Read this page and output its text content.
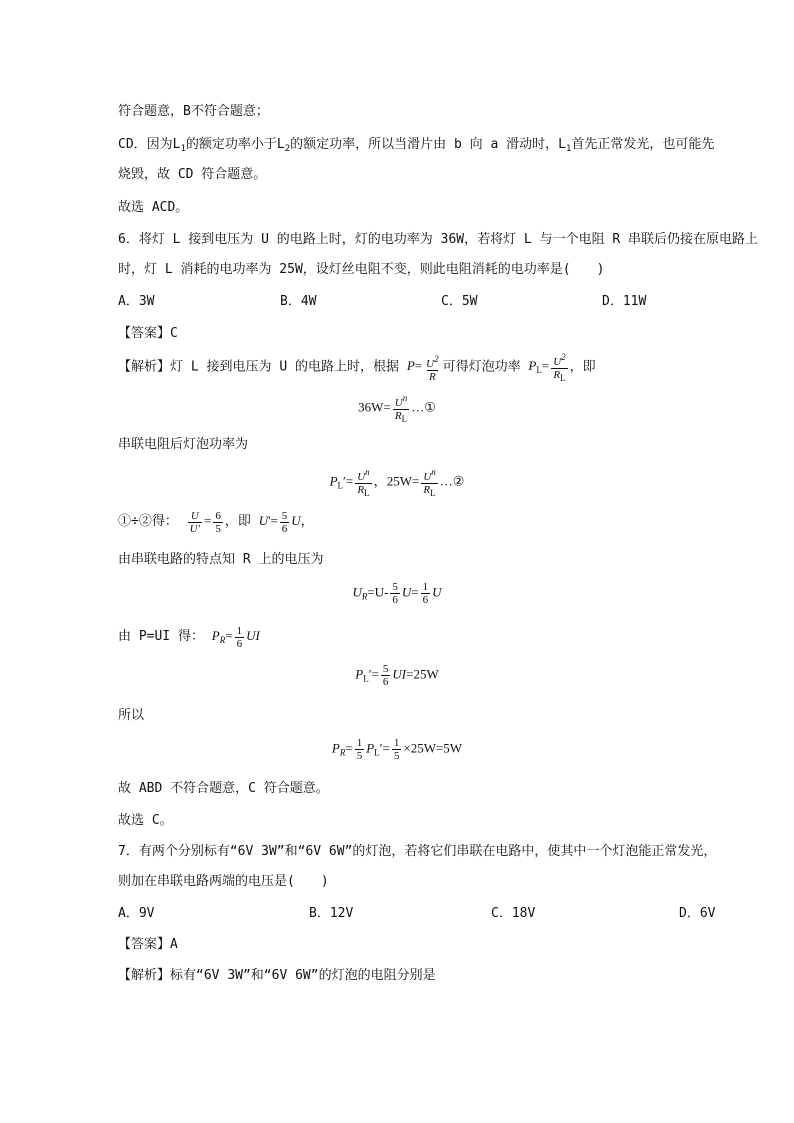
符合题意，B不符合题意；
CD．因为$L_1$的额定功率小于$L_2$的额定功率，所以当滑片由 b 向 a 滑动时，$L_1$首先正常发光，也可能先
烧毁，故 CD 符合题意。
故选 ACD。
6．将灯 L 接到电压为 U 的电路上时，灯的电功率为 36W，若将灯 L 与一个电阻 R 串联后仍接在原电路上
时，灯 L 消耗的电功率为 25W，设灯丝电阻不变，则此电阻消耗的电功率是(　　)
A．3W	B．4W	C．5W	D．11W
【答案】C
【解析】灯 L 接到电压为 U 的电路上时，根据 $P= \frac{U^2}{R}$ 可得灯泡功率 $P_L= \frac{U^2}{R_L}$ ，即
$36W= \frac{U^n}{R_L}$ …①
串联电阻后灯泡功率为
$P_L'= \frac{U^n}{R_L}$ ，$25W= \frac{U^n}{R_L}$ …②
①÷②得： $\frac{U}{U'} = \frac{6}{5}$ ，即 $U'= \frac{5}{6}$ U，
由串联电路的特点知 R 上的电压为
$U_R=U- \frac{5}{6} U= \frac{1}{6}$ U
由 P=UI 得： $P_R= \frac{1}{6}$ UI
$P_L'= \frac{5}{6} UI=25W$
所以
$P_R= \frac{1}{5} P_L'= \frac{1}{5} \times 25W=5W$
故 ABD 不符合题意，C 符合题意。
故选 C。
7．有两个分别标有“6V 3W”和“6V 6W”的灯泡，若将它们串联在电路中，使其中一个灯泡能正常发光，
则加在串联电路两端的电压是(　　)
A．9V	B．12V	C．18V	D．6V
【答案】A
【解析】标有“6V 3W”和“6V 6W”的灯泡的电阻分别是
